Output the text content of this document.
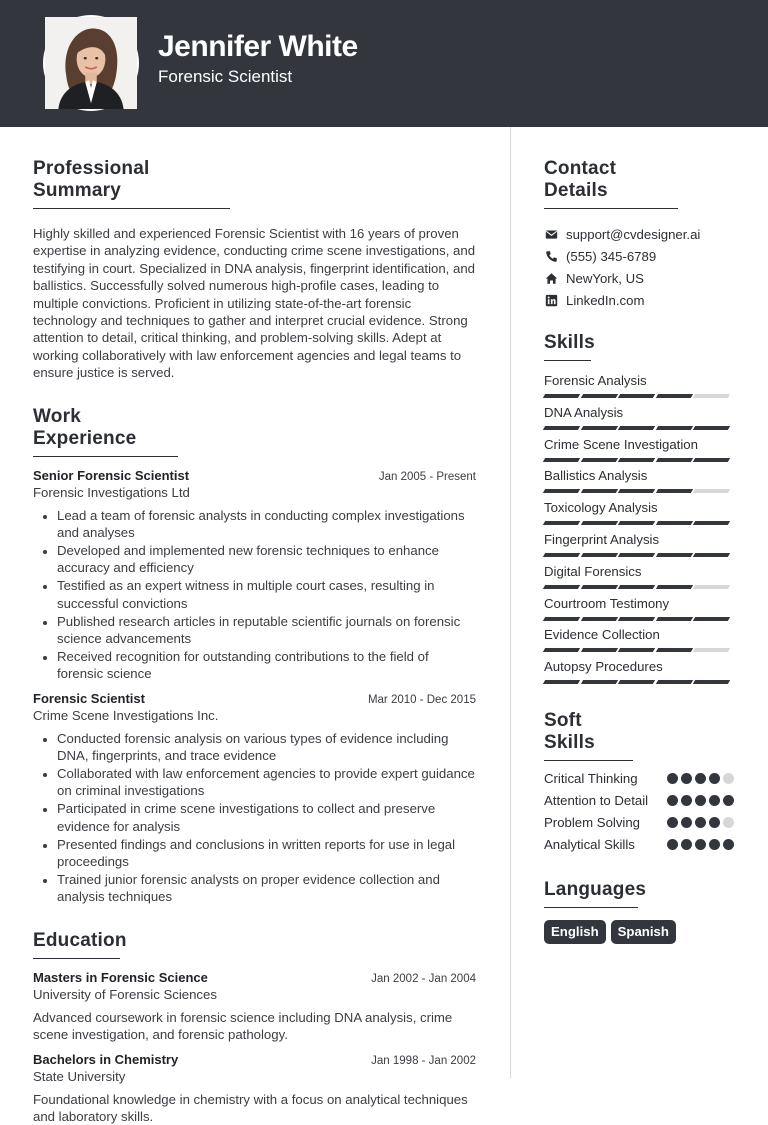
Jennifer White
Forensic Scientist
Professional Summary

Highly skilled and experienced Forensic Scientist with 16 years of proven expertise in analyzing evidence, conducting crime scene investigations, and testifying in court. Specialized in DNA analysis, fingerprint identification, and ballistics. Successfully solved numerous high-profile cases, leading to multiple convictions. Proficient in utilizing state-of-the-art forensic technology and techniques to gather and interpret crucial evidence. Strong attention to detail, critical thinking, and problem-solving skills. Adept at working collaboratively with law enforcement agencies and legal teams to ensure justice is served.

Work Experience
Senior Forensic Scientist	Jan 2005 - Present
Forensic Investigations Ltd
• Lead a team of forensic analysts in conducting complex investigations and analyses
• Developed and implemented new forensic techniques to enhance accuracy and efficiency
• Testified as an expert witness in multiple court cases, resulting in successful convictions
• Published research articles in reputable scientific journals on forensic science advancements
• Received recognition for outstanding contributions to the field of forensic science
Forensic Scientist	Mar 2010 - Dec 2015
Crime Scene Investigations Inc.
• Conducted forensic analysis on various types of evidence including DNA, fingerprints, and trace evidence
• Collaborated with law enforcement agencies to provide expert guidance on criminal investigations
• Participated in crime scene investigations to collect and preserve evidence for analysis
• Presented findings and conclusions in written reports for use in legal proceedings
• Trained junior forensic analysts on proper evidence collection and analysis techniques
Education
Masters in Forensic Science	Jan 2002 - Jan 2004
University of Forensic Sciences

Advanced coursework in forensic science including DNA analysis, crime scene investigation, and forensic pathology.

Bachelors in Chemistry	Jan 1998 - Jan 2002
State University

Foundational knowledge in chemistry with a focus on analytical techniques and laboratory skills.

Contact Details
support@cvdesigner.ai
(555) 345-6789
NewYork, US
LinkedIn.com
Skills
Forensic Analysis
DNA Analysis
Crime Scene Investigation
Ballistics Analysis
Toxicology Analysis
Fingerprint Analysis
Digital Forensics
Courtroom Testimony
Evidence Collection
Autopsy Procedures
Soft Skills
Critical Thinking
Attention to Detail
Problem Solving
Analytical Skills
Languages
English	Spanish
